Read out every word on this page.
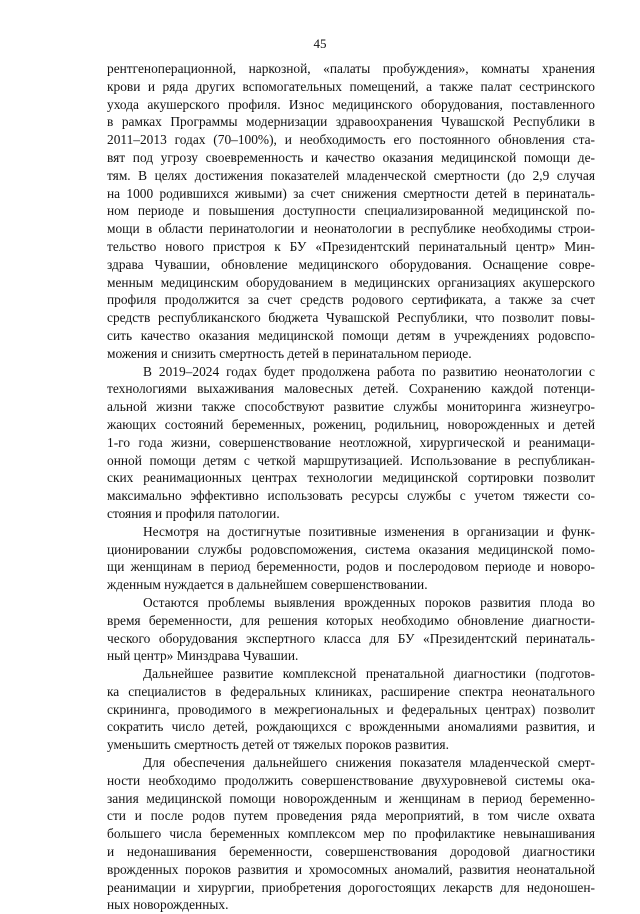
45

рентгеноперационной, наркозной, «палаты пробуждения», комнаты хранения

крови и ряда других вспомогательных помещений, а также палат сестринского

ухода акушерского профиля. Износ медицинского оборудования, поставленного

в рамках Программы модернизации здравоохранения Чувашской Республики в

2011–2013 годах (70–100%), и необходимость его постоянного обновления ста-

вят под угрозу своевременность и качество оказания медицинской помощи де-

тям. В целях достижения показателей младенческой смертности (до 2,9 случая

на 1000 родившихся живыми) за счет снижения смертности детей в перинаталь-

ном периоде и повышения доступности специализированной медицинской по-

мощи в области перинатологии и неонатологии в республике необходимы строи-

тельство нового пристроя к БУ «Президентский перинатальный центр» Мин-

здрава Чувашии, обновление медицинского оборудования. Оснащение совре-

менным медицинским оборудованием в медицинских организациях акушерского

профиля продолжится за счет средств родового сертификата, а также за счет

средств республиканского бюджета Чувашской Республики, что позволит повы-

сить качество оказания медицинской помощи детям в учреждениях родовспо-

можения и снизить смертность детей в перинатальном периоде.

В 2019–2024 годах будет продолжена работа по развитию неонатологии с

технологиями выхаживания маловесных детей. Сохранению каждой потенци-

альной жизни также способствуют развитие службы мониторинга жизнеугро-

жающих состояний беременных, рожениц, родильниц, новорожденных и детей

1-го года жизни, совершенствование неотложной, хирургической и реанимаци-

онной помощи детям с четкой маршрутизацией. Использование в республикан-

ских реанимационных центрах технологии медицинской сортировки позволит

максимально эффективно использовать ресурсы службы с учетом тяжести со-

стояния и профиля патологии.

Несмотря на достигнутые позитивные изменения в организации и функ-

ционировании службы родовспоможения, система оказания медицинской помо-

щи женщинам в период беременности, родов и послеродовом периоде и новоро-

жденным нуждается в дальнейшем совершенствовании.

Остаются проблемы выявления врожденных пороков развития плода во

время беременности, для решения которых необходимо обновление диагности-

ческого оборудования экспертного класса для БУ «Президентский перинаталь-

ный центр» Минздрава Чувашии.

Дальнейшее развитие комплексной пренатальной диагностики (подготов-

ка специалистов в федеральных клиниках, расширение спектра неонатального

скрининга, проводимого в межрегиональных и федеральных центрах) позволит

сократить число детей, рождающихся с врожденными аномалиями развития, и

уменьшить смертность детей от тяжелых пороков развития.

Для обеспечения дальнейшего снижения показателя младенческой смерт-

ности необходимо продолжить совершенствование двухуровневой системы ока-

зания медицинской помощи новорожденным и женщинам в период беременно-

сти и после родов путем проведения ряда мероприятий, в том числе охвата

большего числа беременных комплексом мер по профилактике невынашивания

и недонашивания беременности, совершенствования дородовой диагностики

врожденных пороков развития и хромосомных аномалий, развития неонатальной

реанимации и хирургии, приобретения дорогостоящих лекарств для недоношен-

ных новорожденных.
